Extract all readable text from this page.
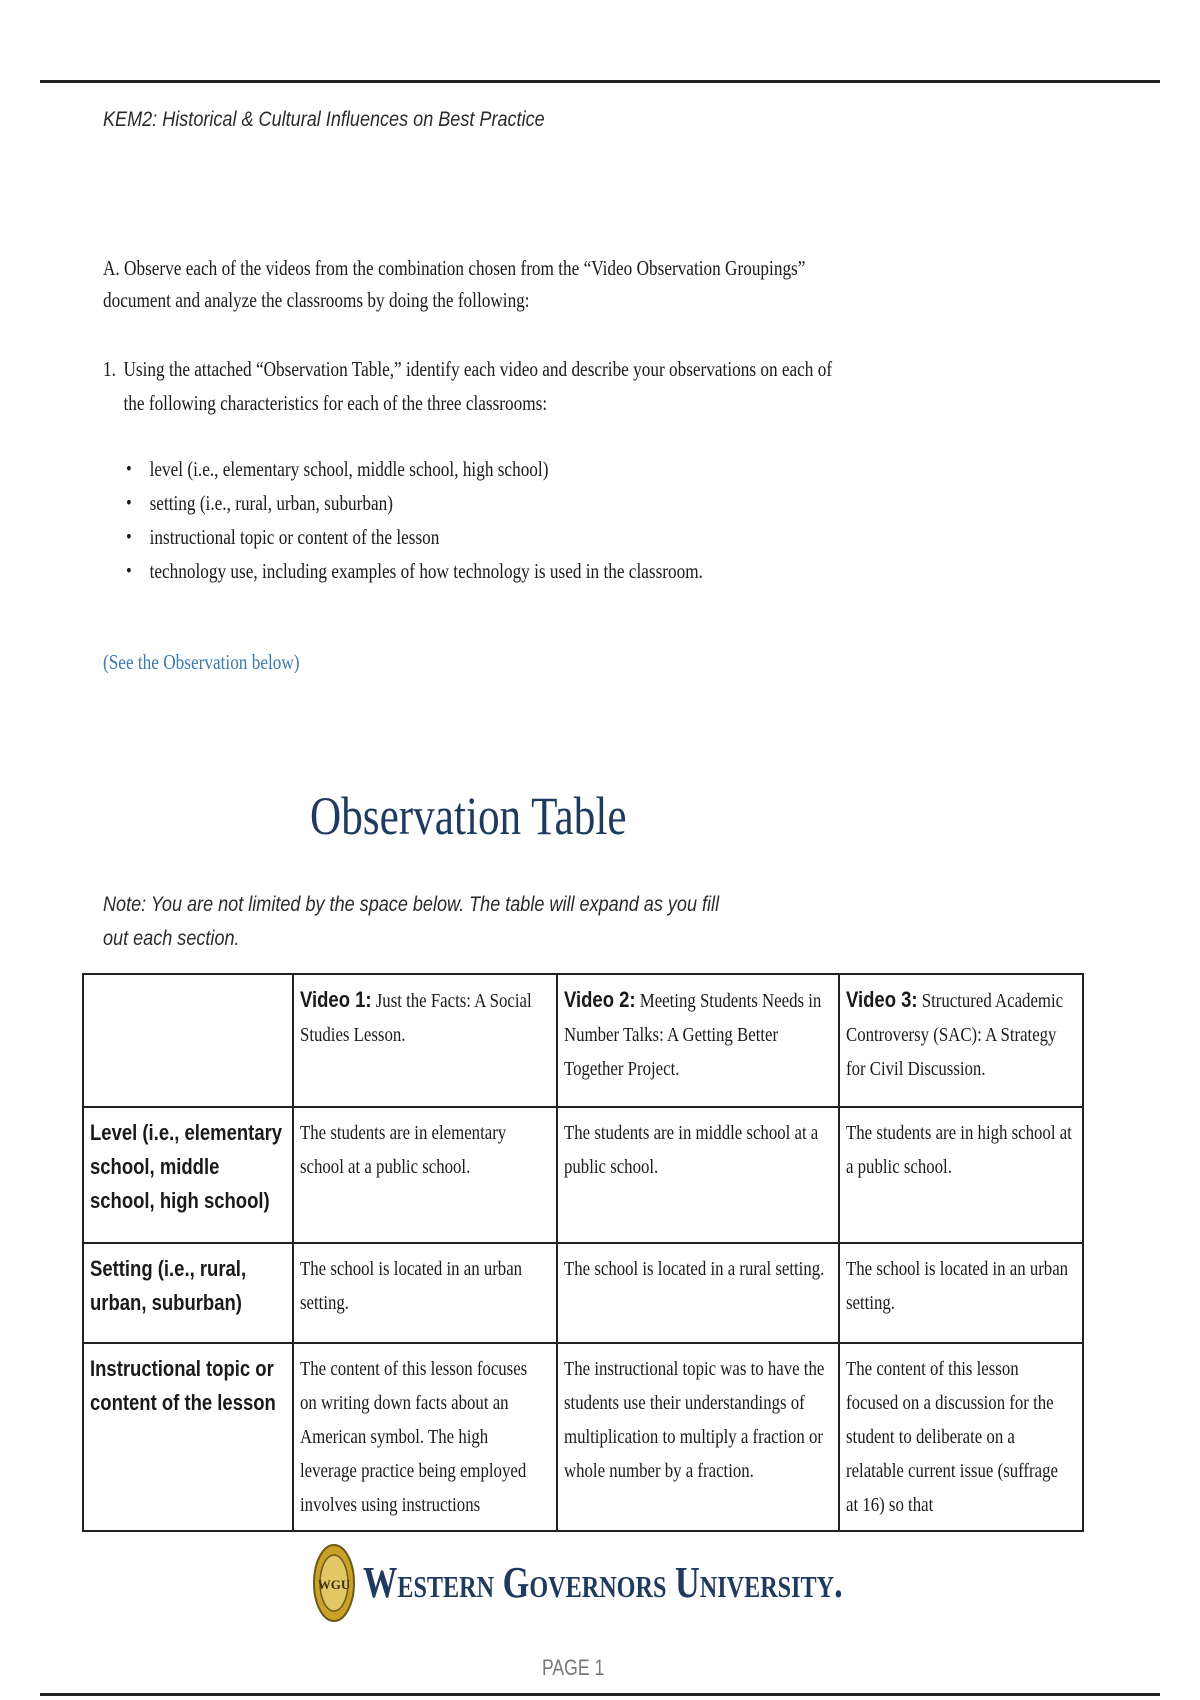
KEM2: Historical & Cultural Influences on Best Practice
A. Observe each of the videos from the combination chosen from the “Video Observation Groupings”
document and analyze the classrooms by doing the following:
1. Using the attached “Observation Table,” identify each video and describe your observations on each of
the following characteristics for each of the three classrooms:
• level (i.e., elementary school, middle school, high school)
• setting (i.e., rural, urban, suburban)
• instructional topic or content of the lesson
• technology use, including examples of how technology is used in the classroom.
(See the Observation below)
Observation Table
Note: You are not limited by the space below. The table will expand as you fill out each section.

	Video 1: Just the Facts: A Social Studies Lesson.	Video 2: Meeting Students Needs in Number Talks: A Getting Better Together Project.	Video 3: Structured Academic Controversy (SAC): A Strategy for Civil Discussion.

Level (i.e., elementary school, middle school, high school)	The students are in elementary school at a public school.	The students are in middle school at a public school.	The students are in high school at a public school.

Setting (i.e., rural, urban, suburban)	The school is located in an urban setting.	The school is located in a rural setting.	The school is located in an urban setting.

Instructional topic or content of the lesson	The content of this lesson focuses on writing down facts about an American symbol. The high leverage practice being employed involves using instructions	The instructional topic was to have the students use their understandings of multiplication to multiply a fraction or whole number by a fraction.	The content of this lesson focused on a discussion for the student to deliberate on a relatable current issue (suffrage at 16) so that
WGU Western Governors University.
PAGE 1
